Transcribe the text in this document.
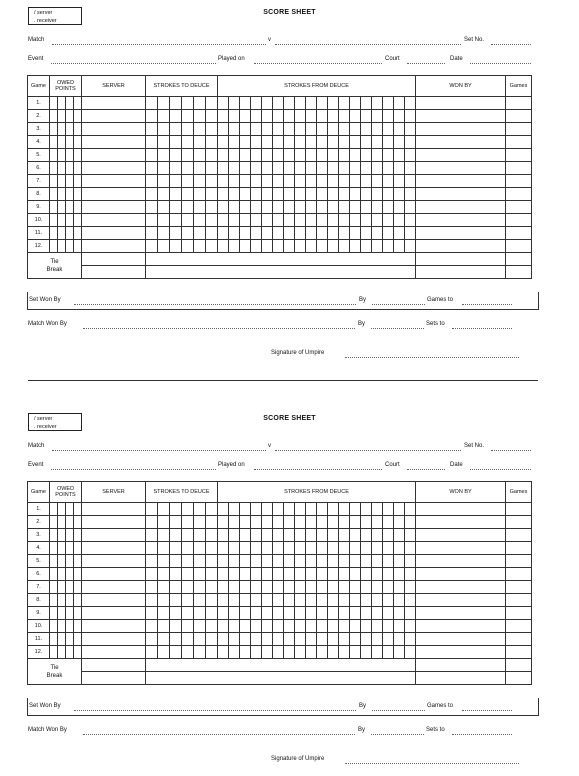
/ server
. receiver
SCORE SHEET
Match	v	Set No.
Event	Played on	Court	Date
Game	OWED POINTS				SERVER	STROKES TO DEUCE						STROKES FROM DEUCE																		WON BY	Games
1.																															
2.																															
3.																															
4.																															
5.																															
6.																															
7.																															
8.																															
9.																															
10.																															
11.																															
12.																															
Tie Break																															

Set Won By	By	Games to
Match Won By	By	Sets to
Signature of Umpire
/ server
. receiver
SCORE SHEET
Match	v	Set No.
Event	Played on	Court	Date
Game	OWED POINTS				SERVER	STROKES TO DEUCE						STROKES FROM DEUCE																		WON BY	Games
1.																															
2.																															
3.																															
4.																															
5.																															
6.																															
7.																															
8.																															
9.																															
10.																															
11.																															
12.																															
Tie Break																															

Set Won By	By	Games to
Match Won By	By	Sets to
Signature of Umpire
